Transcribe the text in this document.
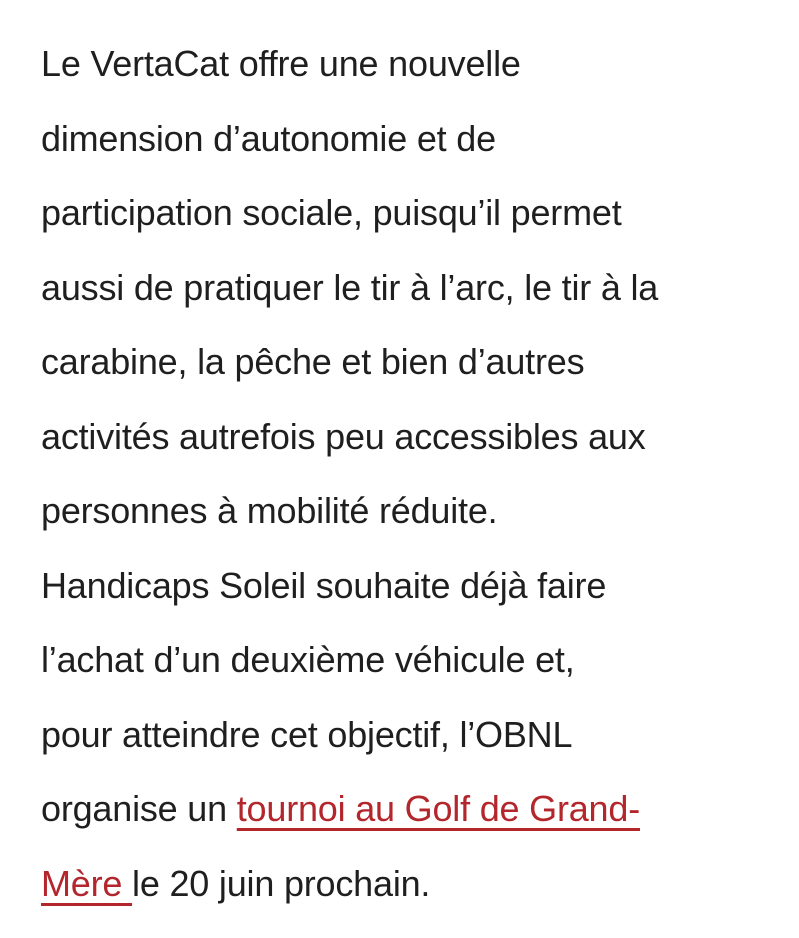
Le VertaCat offre une nouvelle
dimension d’autonomie et de
participation sociale, puisqu’il permet
aussi de pratiquer le tir à l’arc, le tir à la
carabine, la pêche et bien d’autres
activités autrefois peu accessibles aux
personnes à mobilité réduite.
Handicaps Soleil souhaite déjà faire
l’achat d’un deuxième véhicule et,
pour atteindre cet objectif, l’OBNL
organise un tournoi au Golf de Grand-
Mère le 20 juin prochain.
